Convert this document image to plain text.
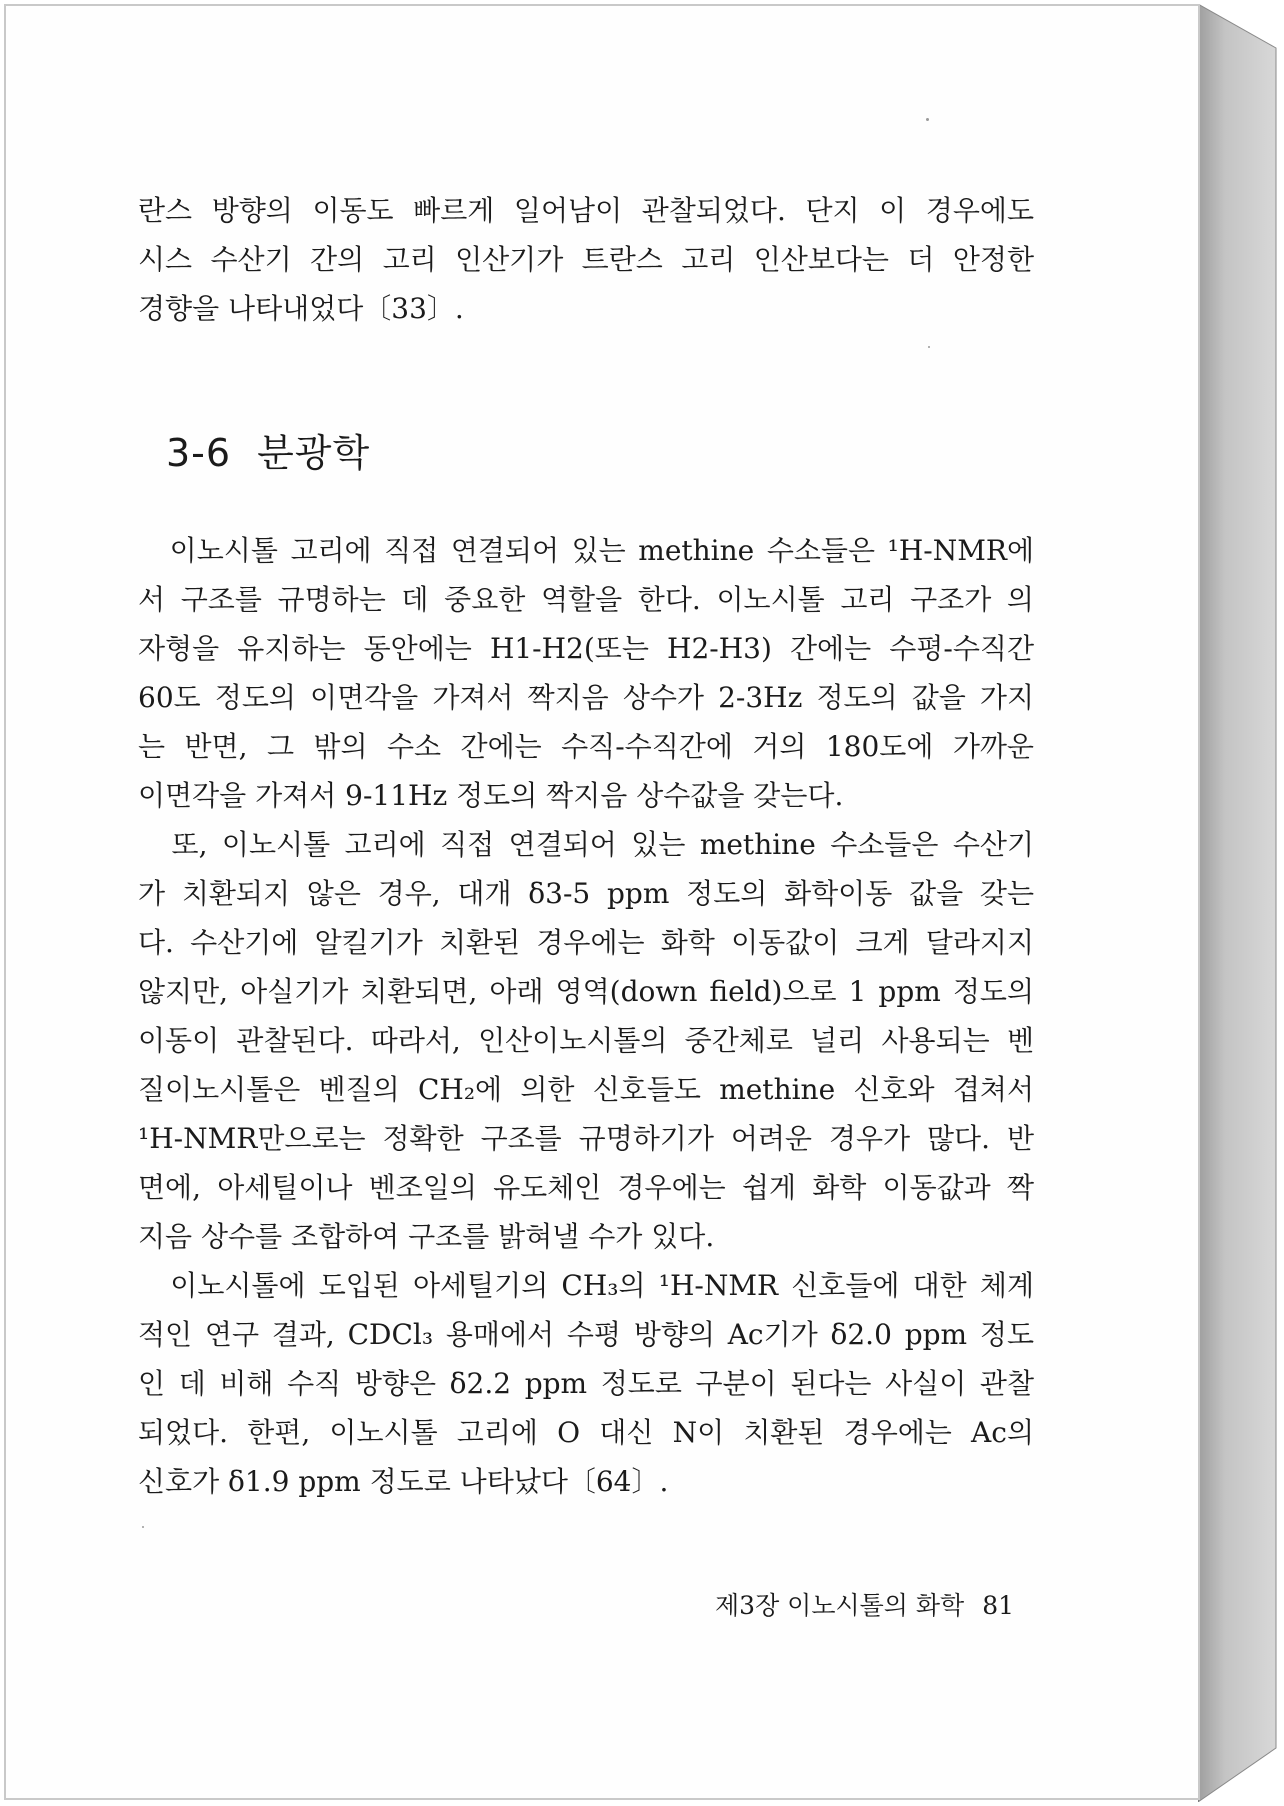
란스 방향의 이동도 빠르게 일어남이 관찰되었다. 단지 이 경우에도
시스 수산기 간의 고리 인산기가 트란스 고리 인산보다는 더 안정한
경향을 나타내었다〔33〕.
3-6 분광학
　이노시톨 고리에 직접 연결되어 있는 methine 수소들은 ¹H-NMR에
서 구조를 규명하는 데 중요한 역할을 한다. 이노시톨 고리 구조가 의
자형을 유지하는 동안에는 H1-H2(또는 H2-H3) 간에는 수평-수직간
60도 정도의 이면각을 가져서 짝지음 상수가 2-3Hz 정도의 값을 가지
는 반면, 그 밖의 수소 간에는 수직-수직간에 거의 180도에 가까운
이면각을 가져서 9-11Hz 정도의 짝지음 상수값을 갖는다.
　또, 이노시톨 고리에 직접 연결되어 있는 methine 수소들은 수산기
가 치환되지 않은 경우, 대개 δ3-5 ppm 정도의 화학이동 값을 갖는
다. 수산기에 알킬기가 치환된 경우에는 화학 이동값이 크게 달라지지
않지만, 아실기가 치환되면, 아래 영역(down field)으로 1 ppm 정도의
이동이 관찰된다. 따라서, 인산이노시톨의 중간체로 널리 사용되는 벤
질이노시톨은 벤질의 CH₂에 의한 신호들도 methine 신호와 겹쳐서
¹H-NMR만으로는 정확한 구조를 규명하기가 어려운 경우가 많다. 반
면에, 아세틸이나 벤조일의 유도체인 경우에는 쉽게 화학 이동값과 짝
지음 상수를 조합하여 구조를 밝혀낼 수가 있다.
　이노시톨에 도입된 아세틸기의 CH₃의 ¹H-NMR 신호들에 대한 체계
적인 연구 결과, CDCl₃ 용매에서 수평 방향의 Ac기가 δ2.0 ppm 정도
인 데 비해 수직 방향은 δ2.2 ppm 정도로 구분이 된다는 사실이 관찰
되었다. 한편, 이노시톨 고리에 O 대신 N이 치환된 경우에는 Ac의
신호가 δ1.9 ppm 정도로 나타났다〔64〕.
제3장 이노시톨의 화학 81
